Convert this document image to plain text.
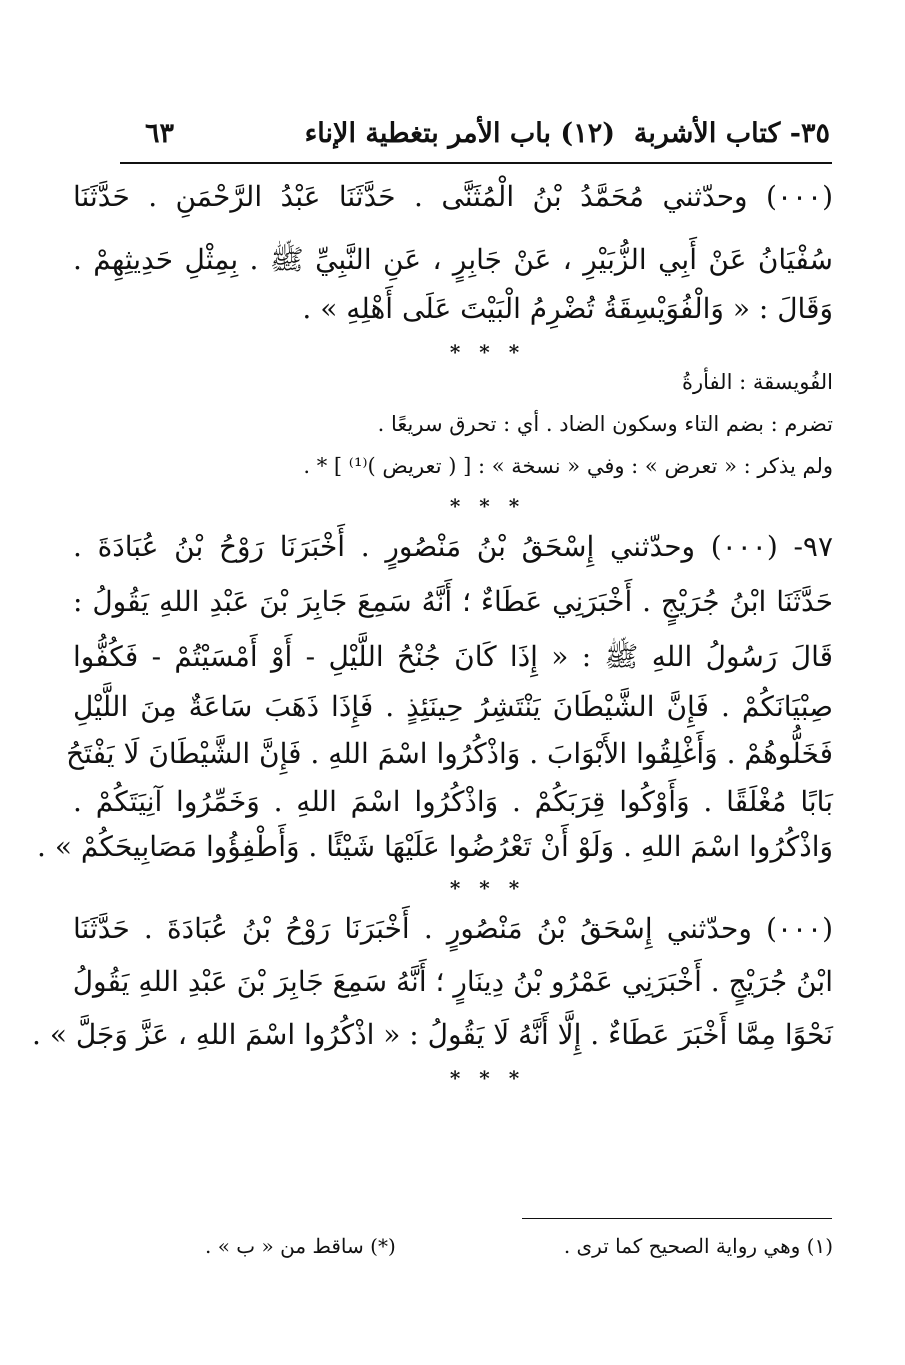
٣٥- كتاب الأشربة
(١٢) باب الأمر بتغطية الإناء
٦٣
(٠٠٠) وحدّثني مُحَمَّدُ بْنُ الْمُثَنَّى . حَدَّثَنَا عَبْدُ الرَّحْمَنِ . حَدَّثَنَا
سُفْيَانُ عَنْ أَبِي الزُّبَيْرِ ، عَنْ جَابِرٍ ، عَنِ النَّبِيِّ ﷺ . بِمِثْلِ حَدِيثِهِمْ .
وَقَالَ : « وَالْفُوَيْسِقَةُ تُضْرِمُ الْبَيْتَ عَلَى أَهْلِهِ » .
* * *
الفُويسقة : الفأرةُ
تضرم : بضم التاء وسكون الضاد . أي : تحرق سريعًا .
ولم يذكر : « تعرض » : وفي « نسخة » : [ ( تعريض )⁽¹⁾ ] * .
* * *
٩٧- (٠٠٠) وحدّثني إِسْحَقُ بْنُ مَنْصُورٍ . أَخْبَرَنَا رَوْحُ بْنُ عُبَادَةَ .
حَدَّثَنَا ابْنُ جُرَيْجٍ . أَخْبَرَنِي عَطَاءٌ ؛ أَنَّهُ سَمِعَ جَابِرَ بْنَ عَبْدِ اللهِ يَقُولُ :
قَالَ رَسُولُ اللهِ ﷺ : « إِذَا كَانَ جُنْحُ اللَّيْلِ - أَوْ أَمْسَيْتُمْ - فَكُفُّوا
صِبْيَانَكُمْ . فَإِنَّ الشَّيْطَانَ يَنْتَشِرُ حِينَئِذٍ . فَإِذَا ذَهَبَ سَاعَةٌ مِنَ اللَّيْلِ
فَخَلُّوهُمْ . وَأَغْلِقُوا الأَبْوَابَ . وَاذْكُرُوا اسْمَ اللهِ . فَإِنَّ الشَّيْطَانَ لَا يَفْتَحُ
بَابًا مُغْلَقًا . وَأَوْكُوا قِرَبَكُمْ . وَاذْكُرُوا اسْمَ اللهِ . وَخَمِّرُوا آنِيَتَكُمْ .
وَاذْكُرُوا اسْمَ اللهِ . وَلَوْ أَنْ تَعْرُضُوا عَلَيْهَا شَيْئًا . وَأَطْفِؤُوا مَصَابِيحَكُمْ » .
* * *
(٠٠٠) وحدّثني إِسْحَقُ بْنُ مَنْصُورٍ . أَخْبَرَنَا رَوْحُ بْنُ عُبَادَةَ . حَدَّثَنَا
ابْنُ جُرَيْجٍ . أَخْبَرَنِي عَمْرُو بْنُ دِينَارٍ ؛ أَنَّهُ سَمِعَ جَابِرَ بْنَ عَبْدِ اللهِ يَقُولُ
نَحْوًا مِمَّا أَخْبَرَ عَطَاءٌ . إِلَّا أَنَّهُ لَا يَقُولُ : « اذْكُرُوا اسْمَ اللهِ ، عَزَّ وَجَلَّ » .
* * *
(١) وهي رواية الصحيح كما ترى .
(*) ساقط من « ب » .
